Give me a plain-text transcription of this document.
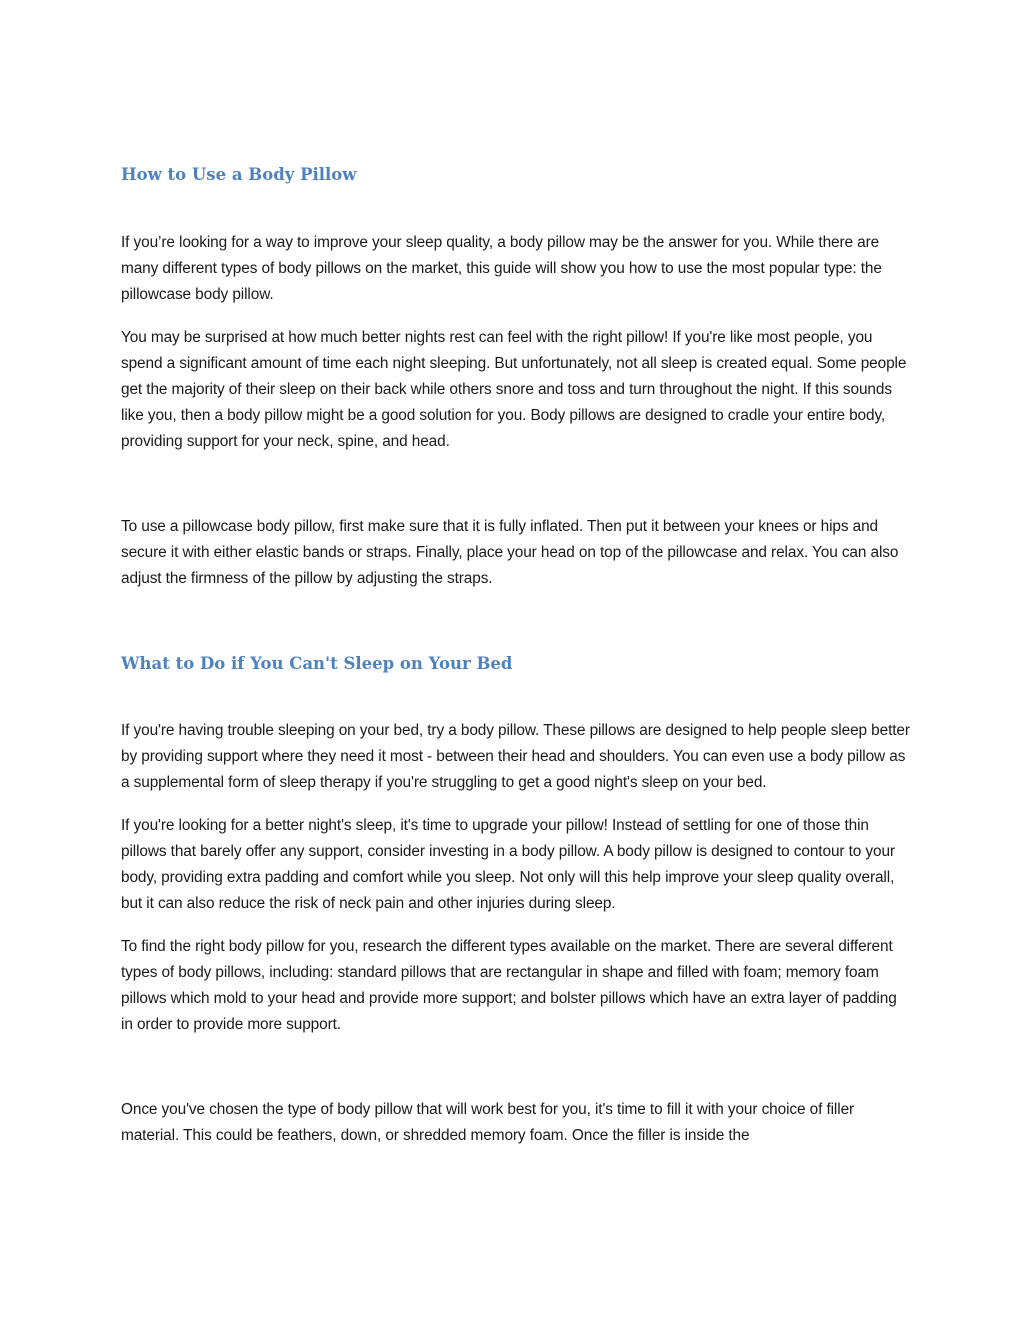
How to Use a Body Pillow

If you’re looking for a way to improve your sleep quality, a body pillow may be the answer for you. While there are many different types of body pillows on the market, this guide will show you how to use the most popular type: the pillowcase body pillow.

You may be surprised at how much better nights rest can feel with the right pillow! If you're like most people, you spend a significant amount of time each night sleeping. But unfortunately, not all sleep is created equal. Some people get the majority of their sleep on their back while others snore and toss and turn throughout the night. If this sounds like you, then a body pillow might be a good solution for you. Body pillows are designed to cradle your entire body, providing support for your neck, spine, and head.

To use a pillowcase body pillow, first make sure that it is fully inflated. Then put it between your knees or hips and secure it with either elastic bands or straps. Finally, place your head on top of the pillowcase and relax. You can also adjust the firmness of the pillow by adjusting the straps.

What to Do if You Can't Sleep on Your Bed

If you're having trouble sleeping on your bed, try a body pillow. These pillows are designed to help people sleep better by providing support where they need it most - between their head and shoulders. You can even use a body pillow as a supplemental form of sleep therapy if you're struggling to get a good night's sleep on your bed.

If you're looking for a better night's sleep, it's time to upgrade your pillow! Instead of settling for one of those thin pillows that barely offer any support, consider investing in a body pillow. A body pillow is designed to contour to your body, providing extra padding and comfort while you sleep. Not only will this help improve your sleep quality overall, but it can also reduce the risk of neck pain and other injuries during sleep.

To find the right body pillow for you, research the different types available on the market. There are several different types of body pillows, including: standard pillows that are rectangular in shape and filled with foam; memory foam pillows which mold to your head and provide more support; and bolster pillows which have an extra layer of padding in order to provide more support.

Once you've chosen the type of body pillow that will work best for you, it's time to fill it with your choice of filler material. This could be feathers, down, or shredded memory foam. Once the filler is inside the
